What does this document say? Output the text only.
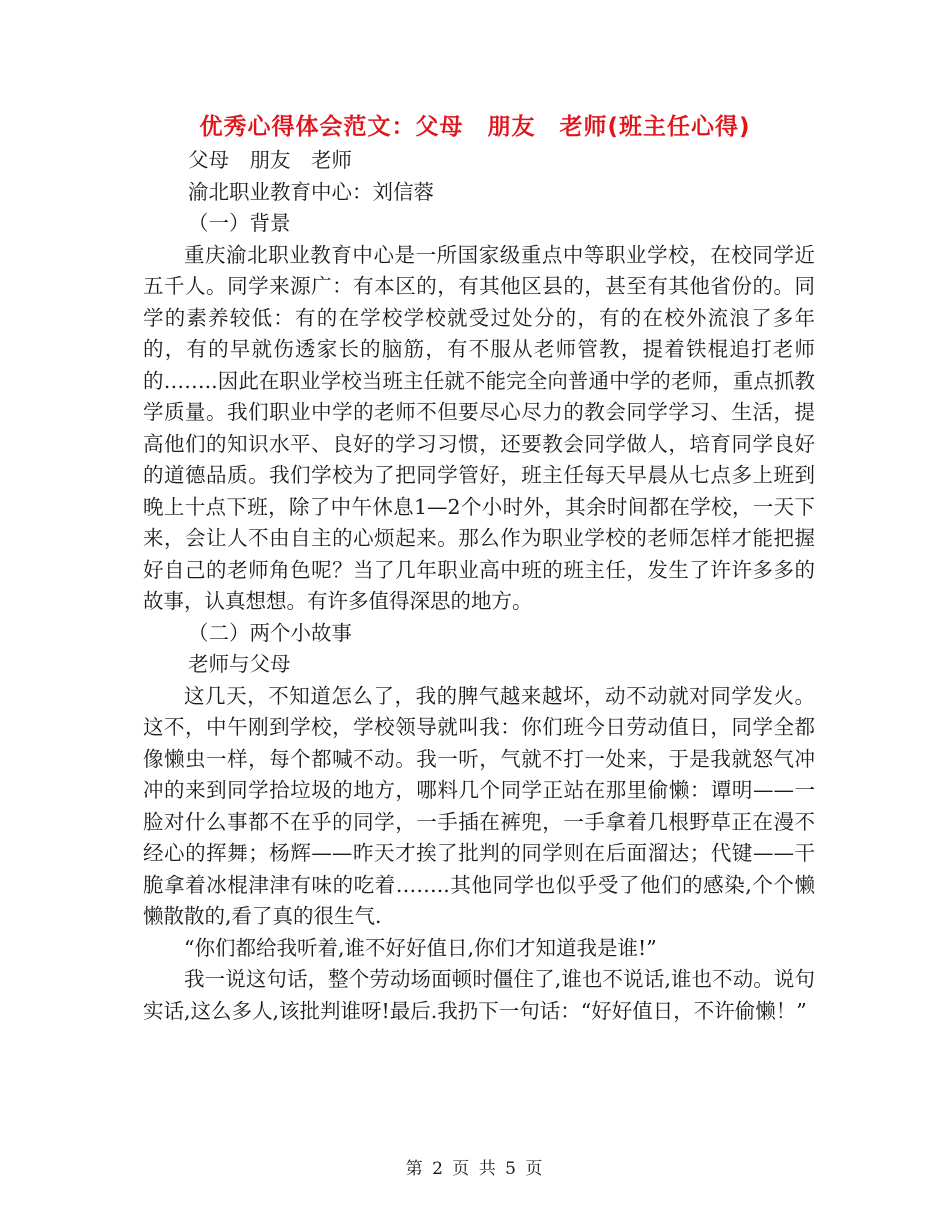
优秀心得体会范文：父母　朋友　老师(班主任心得)

父母　朋友　老师

渝北职业教育中心：刘信蓉

（一）背景

重庆渝北职业教育中心是一所国家级重点中等职业学校，在校同学近五千人。同学来源广：有本区的，有其他区县的，甚至有其他省份的。同学的素养较低：有的在学校学校就受过处分的，有的在校外流浪了多年的，有的早就伤透家长的脑筋，有不服从老师管教，提着铁棍追打老师的……..因此在职业学校当班主任就不能完全向普通中学的老师，重点抓教学质量。我们职业中学的老师不但要尽心尽力的教会同学学习、生活，提高他们的知识水平、良好的学习习惯，还要教会同学做人，培育同学良好的道德品质。我们学校为了把同学管好，班主任每天早晨从七点多上班到晚上十点下班，除了中午休息1—2个小时外，其余时间都在学校，一天下来，会让人不由自主的心烦起来。那么作为职业学校的老师怎样才能把握好自己的老师角色呢？当了几年职业高中班的班主任，发生了许许多多的故事，认真想想。有许多值得深思的地方。

（二）两个小故事

老师与父母

这几天，不知道怎么了，我的脾气越来越坏，动不动就对同学发火。这不，中午刚到学校，学校领导就叫我：你们班今日劳动值日，同学全都像懒虫一样，每个都喊不动。我一听，气就不打一处来，于是我就怒气冲冲的来到同学拾垃圾的地方，哪料几个同学正站在那里偷懒：谭明——一脸对什么事都不在乎的同学，一手插在裤兜，一手拿着几根野草正在漫不经心的挥舞；杨辉——昨天才挨了批判的同学则在后面溜达；代键——干脆拿着冰棍津津有味的吃着……..其他同学也似乎受了他们的感染,个个懒懒散散的,看了真的很生气.

“你们都给我听着,谁不好好值日,你们才知道我是谁!”

我一说这句话，整个劳动场面顿时僵住了,谁也不说话,谁也不动。说句实话,这么多人,该批判谁呀!最后.我扔下一句话：“好好值日，不许偷懒！”

第 2 页 共 5 页
